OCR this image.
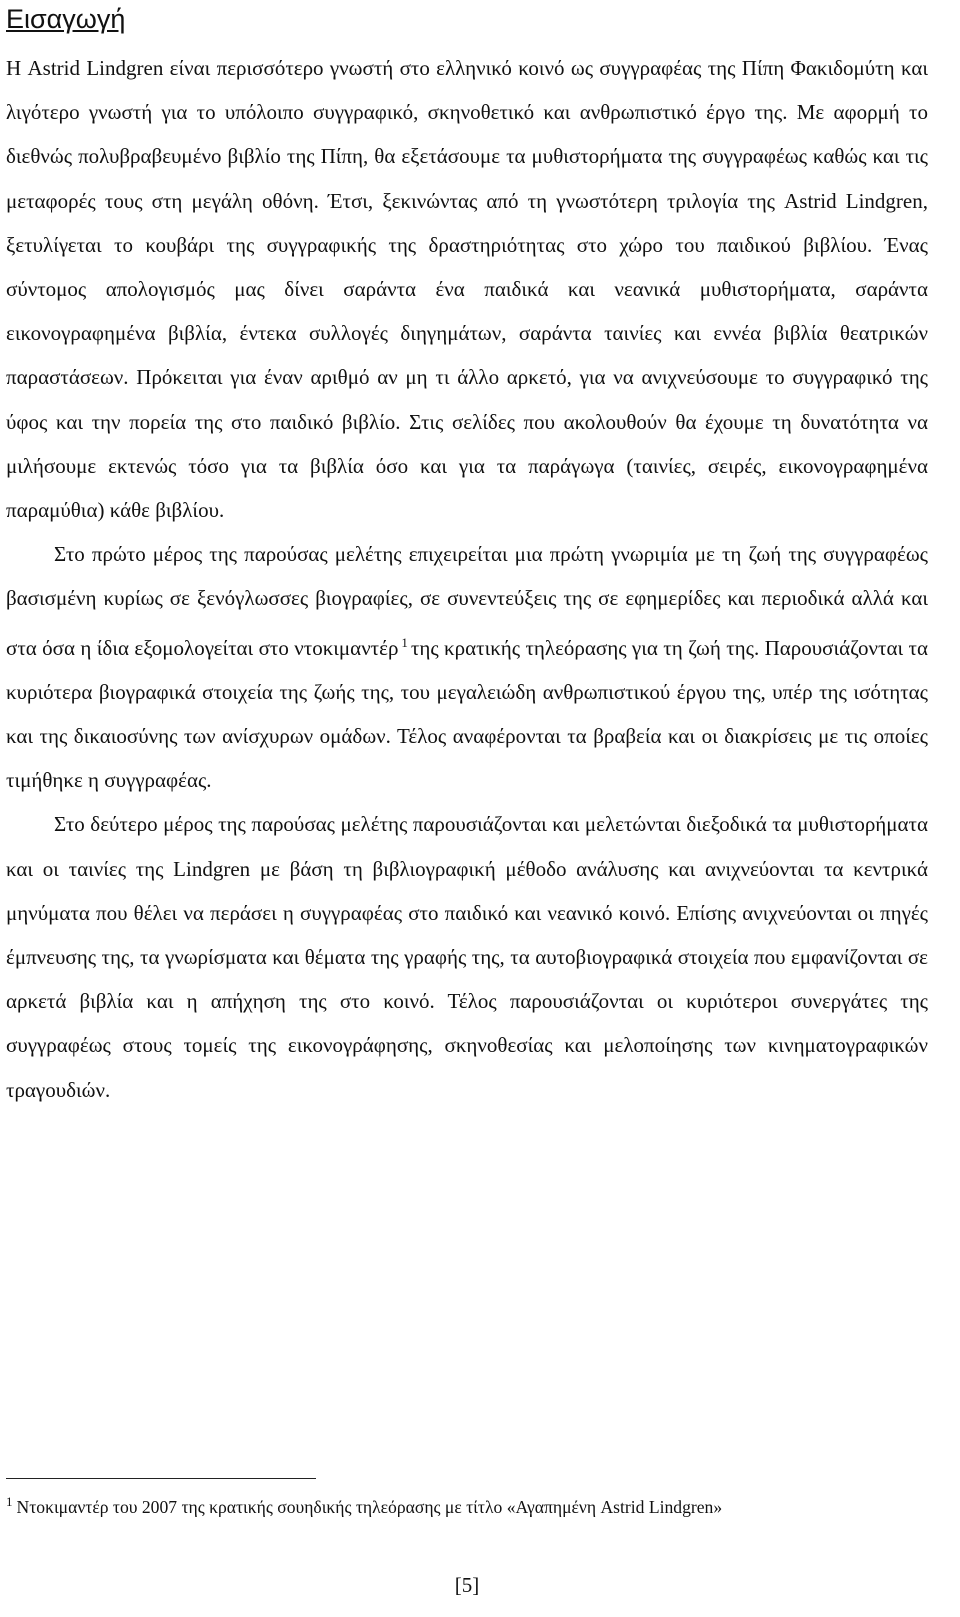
Εισαγωγή

Η Astrid Lindgren είναι περισσότερο γνωστή στο ελληνικό κοινό ως συγγραφέας της Πίπη Φακιδομύτη και λιγότερο γνωστή για το υπόλοιπο συγγραφικό, σκηνοθετικό και ανθρωπιστικό έργο της. Με αφορμή το διεθνώς πολυβραβευμένο βιβλίο της Πίπη, θα εξετάσουμε τα μυθιστορήματα της συγγραφέως καθώς και τις μεταφορές τους στη μεγάλη οθόνη. Έτσι, ξεκινώντας από τη γνωστότερη τριλογία της Astrid Lindgren, ξετυλίγεται το κουβάρι της συγγραφικής της δραστηριότητας στο χώρο του παιδικού βιβλίου. Ένας σύντομος απολογισμός μας δίνει σαράντα ένα παιδικά και νεανικά μυθιστορήματα, σαράντα εικονογραφημένα βιβλία, έντεκα συλλογές διηγημάτων, σαράντα ταινίες και εννέα βιβλία θεατρικών παραστάσεων. Πρόκειται για έναν αριθμό αν μη τι άλλο αρκετό, για να ανιχνεύσουμε το συγγραφικό της ύφος και την πορεία της στο παιδικό βιβλίο. Στις σελίδες που ακολουθούν θα έχουμε τη δυνατότητα να μιλήσουμε εκτενώς τόσο για τα βιβλία όσο και για τα παράγωγα (ταινίες, σειρές, εικονογραφημένα παραμύθια) κάθε βιβλίου.

Στο πρώτο μέρος της παρούσας μελέτης επιχειρείται μια πρώτη γνωριμία με τη ζωή της συγγραφέως βασισμένη κυρίως σε ξενόγλωσσες βιογραφίες, σε συνεντεύξεις της σε εφημερίδες και περιοδικά αλλά και στα όσα η ίδια εξομολογείται στο ντοκιμαντέρ $^1$ της κρατικής τηλεόρασης για τη ζωή της. Παρουσιάζονται τα κυριότερα βιογραφικά στοιχεία της ζωής της, του μεγαλειώδη ανθρωπιστικού έργου της, υπέρ της ισότητας και της δικαιοσύνης των ανίσχυρων ομάδων. Τέλος αναφέρονται τα βραβεία και οι διακρίσεις με τις οποίες τιμήθηκε η συγγραφέας.

Στο δεύτερο μέρος της παρούσας μελέτης παρουσιάζονται και μελετώνται διεξοδικά τα μυθιστορήματα και οι ταινίες της Lindgren με βάση τη βιβλιογραφική μέθοδο ανάλυσης και ανιχνεύονται τα κεντρικά μηνύματα που θέλει να περάσει η συγγραφέας στο παιδικό και νεανικό κοινό. Επίσης ανιχνεύονται οι πηγές έμπνευσης της, τα γνωρίσματα και θέματα της γραφής της, τα αυτοβιογραφικά στοιχεία που εμφανίζονται σε αρκετά βιβλία και η απήχηση της στο κοινό. Τέλος παρουσιάζονται οι κυριότεροι συνεργάτες της συγγραφέως στους τομείς της εικονογράφησης, σκηνοθεσίας και μελοποίησης των κινηματογραφικών τραγουδιών.

$^1$ Ντοκιμαντέρ του 2007 της κρατικής σουηδικής τηλεόρασης με τίτλο «Αγαπημένη Astrid Lindgren»
[5]
